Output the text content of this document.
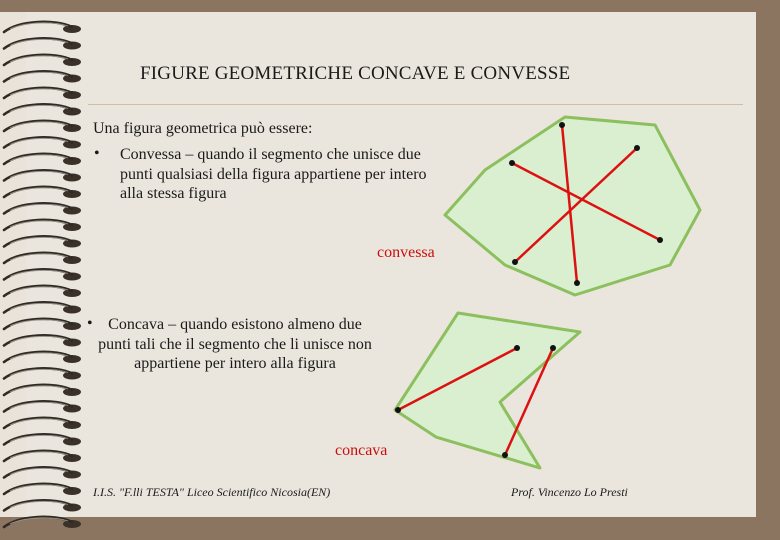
FIGURE GEOMETRICHE CONCAVE E CONVESSE
Una figura geometrica può essere:
• Convessa – quando il segmento che unisce due punti qualsiasi della figura appartiene per intero alla stessa figura
convessa
• Concava – quando esistono almeno due punti tali che il segmento che li unisce non appartiene per intero alla figura
concava
I.I.S. "F.lli TESTA" Liceo Scientifico Nicosia(EN)	Prof. Vincenzo Lo Presti
